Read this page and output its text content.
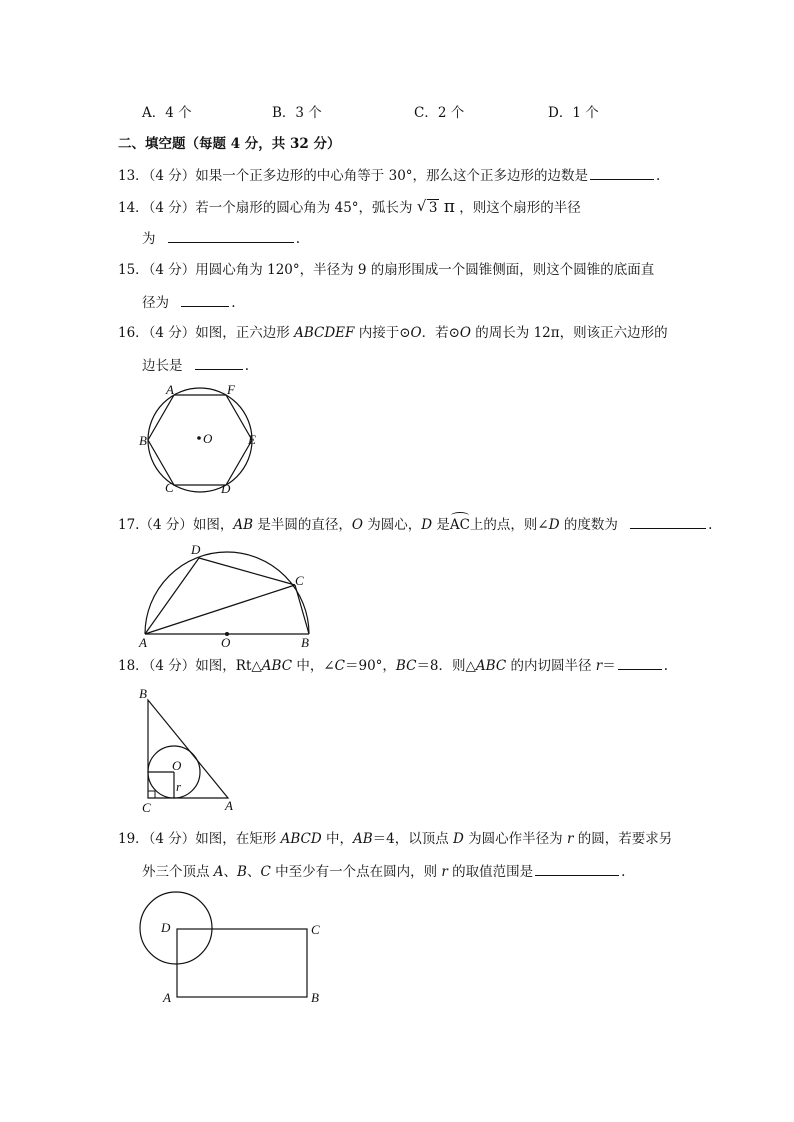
A．4 个	B．3 个	C．2 个	D．1 个
二、填空题（每题 4 分，共 32 分）
13．（4 分）如果一个正多边形的中心角等于 30°，那么这个正多边形的边数是	.
14．（4 分）若一个扇形的圆心角为 45°，弧长为 √ 3 π ，则这个扇形的半径
为	.
15．（4 分）用圆心角为 120°，半径为 9 的扇形围成一个圆锥侧面，则这个圆锥的底面直
径为	.
16．（4 分）如图，正六边形 ABCDEF 内接于⊙O．若⊙O 的周长为 12π，则该正六边形的
边长是	.
A	F
B	E
C	D
O
17.（4 分）如图，AB 是半圆的直径，O 为圆心，D 是AC上的点，则∠D 的度数为	.
D
C
A	O	B
18．（4 分）如图，Rt△ABC 中，∠C＝90°，BC＝8．则△ABC 的内切圆半径 r＝	.
B
O
r
C	A
19．（4 分）如图，在矩形 ABCD 中，AB＝4，以顶点 D 为圆心作半径为 r 的圆，若要求另
外三个顶点 A、B、C 中至少有一个点在圆内，则 r 的取值范围是	.
D	C
A	B
